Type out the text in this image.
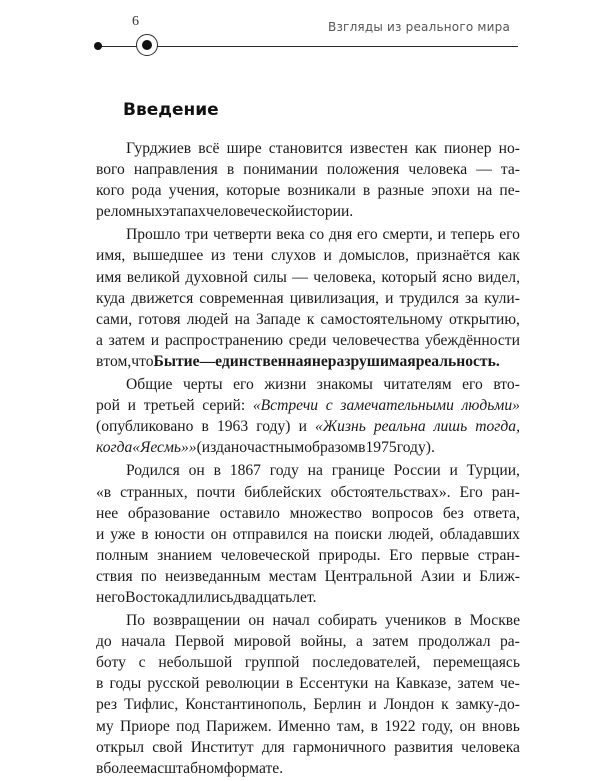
6	Взгляды из реального мира
Введение
Гурджиев всё шире становится известен как пионер но-
вого направления в понимании положения человека — та-
кого рода учения, которые возникали в разные эпохи на пе-
реломных этапах человеческой истории.
Прошло три четверти века со дня его смерти, и теперь его
имя, вышедшее из тени слухов и домыслов, признаётся как
имя великой духовной силы — человека, который ясно видел,
куда движется современная цивилизация, и трудился за кули-
сами, готовя людей на Западе к самостоятельному открытию,
а затем и распространению среди человечества убеждённости
в том, что Бытие — единственная неразрушимая реальность.
Общие черты его жизни знакомы читателям его вто-
рой и третьей серий: «Встречи с замечательными людьми»
(опубликовано в 1963 году) и «Жизнь реальна лишь тогда,
когда «Я есмь»» (издано частным образом в 1975 году).
Родился он в 1867 году на границе России и Турции,
«в странных, почти библейских обстоятельствах». Его ран-
нее образование оставило множество вопросов без ответа,
и уже в юности он отправился на поиски людей, обладавших
полным знанием человеческой природы. Его первые стран-
ствия по неизведанным местам Центральной Азии и Ближ-
него Востока длились двадцать лет.
По возвращении он начал собирать учеников в Москве
до начала Первой мировой войны, а затем продолжал ра-
боту с небольшой группой последователей, перемещаясь
в годы русской революции в Ессентуки на Кавказе, затем че-
рез Тифлис, Константинополь, Берлин и Лондон к замку-до-
му Приоре под Парижем. Именно там, в 1922 году, он вновь
открыл свой Институт для гармоничного развития человека
в более масштабном формате.
